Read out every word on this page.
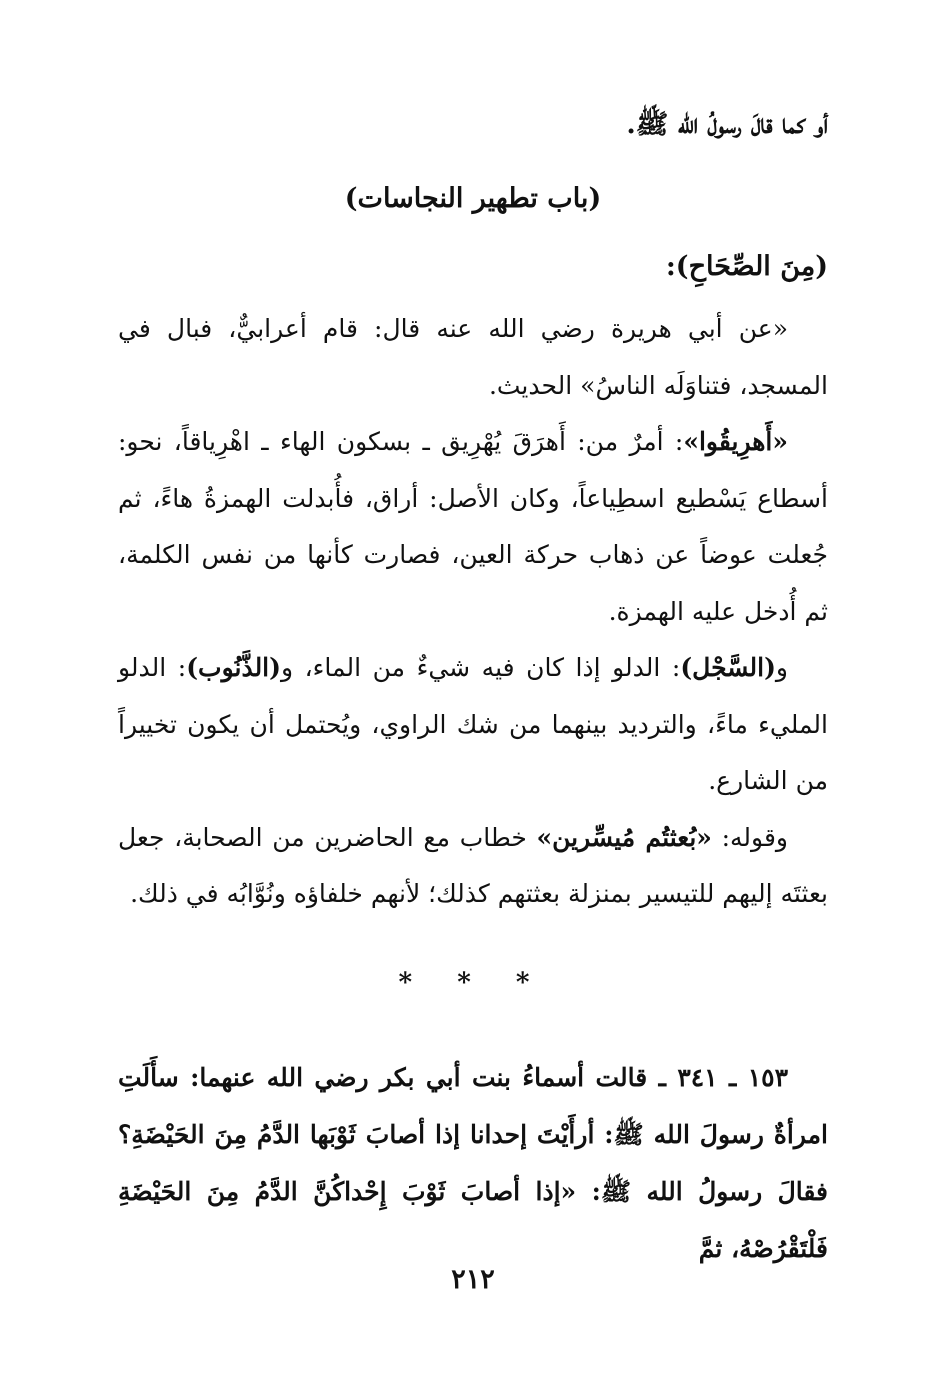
أو كما قالَ رسولُ الله ﷺ.
(باب تطهير النجاسات)
(مِنَ الصِّحَاحِ):

«عن أبي هريرة رضي الله عنه قال: قام أعرابيٌّ، فبال في المسجد، فتناوَلَه الناسُ» الحديث.

«أَهرِيقُوا»: أمرٌ من: أَهرَقَ يُهْرِيق ـ بسكون الهاء ـ اهْرِياقاً، نحو: أسطاع يَسْطيع اسطِياعاً، وكان الأصل: أراق، فأُبدلت الهمزةُ هاءً، ثم جُعلت عوضاً عن ذهاب حركة العين، فصارت كأنها من نفس الكلمة، ثم أُدخل عليه الهمزة.

و(السَّجْل): الدلو إذا كان فيه شيءٌ من الماء، و(الذَّنُوب): الدلو المليء ماءً، والترديد بينهما من شك الراوي، ويُحتمل أن يكون تخييراً من الشارع.

وقوله: «بُعثتُم مُيسِّرين» خطاب مع الحاضرين من الصحابة، جعل بعثتَه إليهم للتيسير بمنزلة بعثتهم كذلك؛ لأنهم خلفاؤه ونُوَّابُه في ذلك.

* * *

١٥٣ ـ ٣٤١ ـ قالت أسماءُ بنت أبي بكر رضي الله عنهما: سأَلَتِ امرأةٌ رسولَ الله ﷺ: أرأَيْتَ إحدانا إذا أصابَ ثَوْبَها الدَّمُ مِنَ الحَيْضَةِ؟ فقالَ رسولُ الله ﷺ: «إذا أصابَ ثَوْبَ إِحْداكُنَّ الدَّمُ مِنَ الحَيْضَةِ فَلْتَقْرُصْهُ، ثمَّ

٢١٢
